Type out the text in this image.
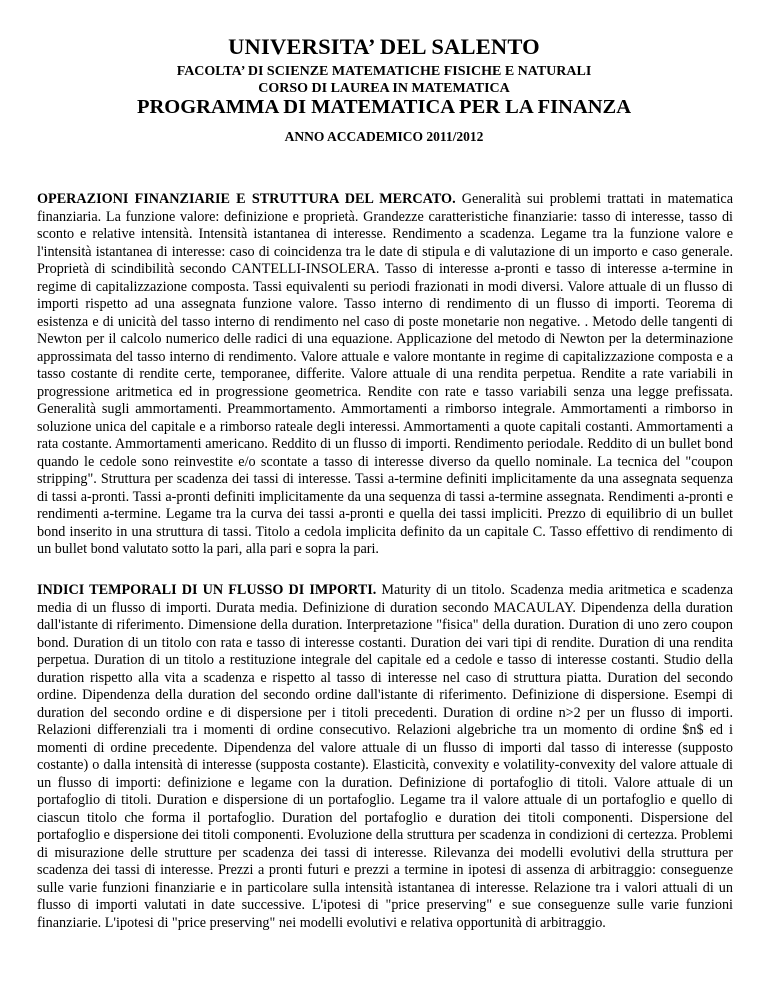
UNIVERSITA’ DEL SALENTO
FACOLTA’ DI SCIENZE MATEMATICHE FISICHE E NATURALI
CORSO DI LAUREA IN MATEMATICA
PROGRAMMA DI MATEMATICA PER LA FINANZA
ANNO ACCADEMICO 2011/2012

OPERAZIONI FINANZIARIE E STRUTTURA DEL MERCATO. Generalità sui problemi trattati in matematica finanziaria. La funzione valore: definizione e proprietà. Grandezze caratteristiche finanziarie: tasso di interesse, tasso di sconto e relative intensità. Intensità istantanea di interesse. Rendimento a scadenza. Legame tra la funzione valore e l'intensità istantanea di interesse: caso di coincidenza tra le date di stipula e di valutazione di un importo e caso generale. Proprietà di scindibilità secondo CANTELLI-INSOLERA. Tasso di interesse a-pronti e tasso di interesse a-termine in regime di capitalizzazione composta. Tassi equivalenti su periodi frazionati in modi diversi. Valore attuale di un flusso di importi rispetto ad una assegnata funzione valore. Tasso interno di rendimento di un flusso di importi. Teorema di esistenza e di unicità del tasso interno di rendimento nel caso di poste monetarie non negative. . Metodo delle tangenti di Newton per il calcolo numerico delle radici di una equazione. Applicazione del metodo di Newton per la determinazione approssimata del tasso interno di rendimento. Valore attuale e valore montante in regime di capitalizzazione composta e a tasso costante di rendite certe, temporanee, differite. Valore attuale di una rendita perpetua. Rendite a rate variabili in progressione aritmetica ed in progressione geometrica. Rendite con rate e tasso variabili senza una legge prefissata. Generalità sugli ammortamenti. Preammortamento. Ammortamenti a rimborso integrale. Ammortamenti a rimborso in soluzione unica del capitale e a rimborso rateale degli interessi. Ammortamenti a quote capitali costanti. Ammortamenti a rata costante. Ammortamenti americano. Reddito di un flusso di importi. Rendimento periodale. Reddito di un bullet bond quando le cedole sono reinvestite e/o scontate a tasso di interesse diverso da quello nominale. La tecnica del "coupon stripping". Struttura per scadenza dei tassi di interesse. Tassi a-termine definiti implicitamente da una assegnata sequenza di tassi a-pronti. Tassi a-pronti definiti implicitamente da una sequenza di tassi a-termine assegnata. Rendimenti a-pronti e rendimenti a-termine. Legame tra la curva dei tassi a-pronti e quella dei tassi impliciti. Prezzo di equilibrio di un bullet bond inserito in una struttura di tassi. Titolo a cedola implicita definito da un capitale C. Tasso effettivo di rendimento di un bullet bond valutato sotto la pari, alla pari e sopra la pari.

INDICI TEMPORALI DI UN FLUSSO DI IMPORTI. Maturity di un titolo. Scadenza media aritmetica e scadenza media di un flusso di importi. Durata media. Definizione di duration secondo MACAULAY. Dipendenza della duration dall'istante di riferimento. Dimensione della duration. Interpretazione "fisica" della duration. Duration di uno zero coupon bond. Duration di un titolo con rata e tasso di interesse costanti. Duration dei vari tipi di rendite. Duration di una rendita perpetua. Duration di un titolo a restituzione integrale del capitale ed a cedole e tasso di interesse costanti. Studio della duration rispetto alla vita a scadenza e rispetto al tasso di interesse nel caso di struttura piatta. Duration del secondo ordine. Dipendenza della duration del secondo ordine dall'istante di riferimento. Definizione di dispersione. Esempi di duration del secondo ordine e di dispersione per i titoli precedenti. Duration di ordine n>2 per un flusso di importi. Relazioni differenziali tra i momenti di ordine consecutivo. Relazioni algebriche tra un momento di ordine $n$ ed i momenti di ordine precedente. Dipendenza del valore attuale di un flusso di importi dal tasso di interesse (supposto costante) o dalla intensità di interesse (supposta costante). Elasticità, convexity e volatility-convexity del valore attuale di un flusso di importi: definizione e legame con la duration. Definizione di portafoglio di titoli. Valore attuale di un portafoglio di titoli. Duration e dispersione di un portafoglio. Legame tra il valore attuale di un portafoglio e quello di ciascun titolo che forma il portafoglio. Duration del portafoglio e duration dei titoli componenti. Dispersione del portafoglio e dispersione dei titoli componenti. Evoluzione della struttura per scadenza in condizioni di certezza. Problemi di misurazione delle strutture per scadenza dei tassi di interesse. Rilevanza dei modelli evolutivi della struttura per scadenza dei tassi di interesse. Prezzi a pronti futuri e prezzi a termine in ipotesi di assenza di arbitraggio: conseguenze sulle varie funzioni finanziarie e in particolare sulla intensità istantanea di interesse. Relazione tra i valori attuali di un flusso di importi valutati in date successive. L'ipotesi di "price preserving" e sue conseguenze sulle varie funzioni finanziarie. L'ipotesi di "price preserving" nei modelli evolutivi e relativa opportunità di arbitraggio.
